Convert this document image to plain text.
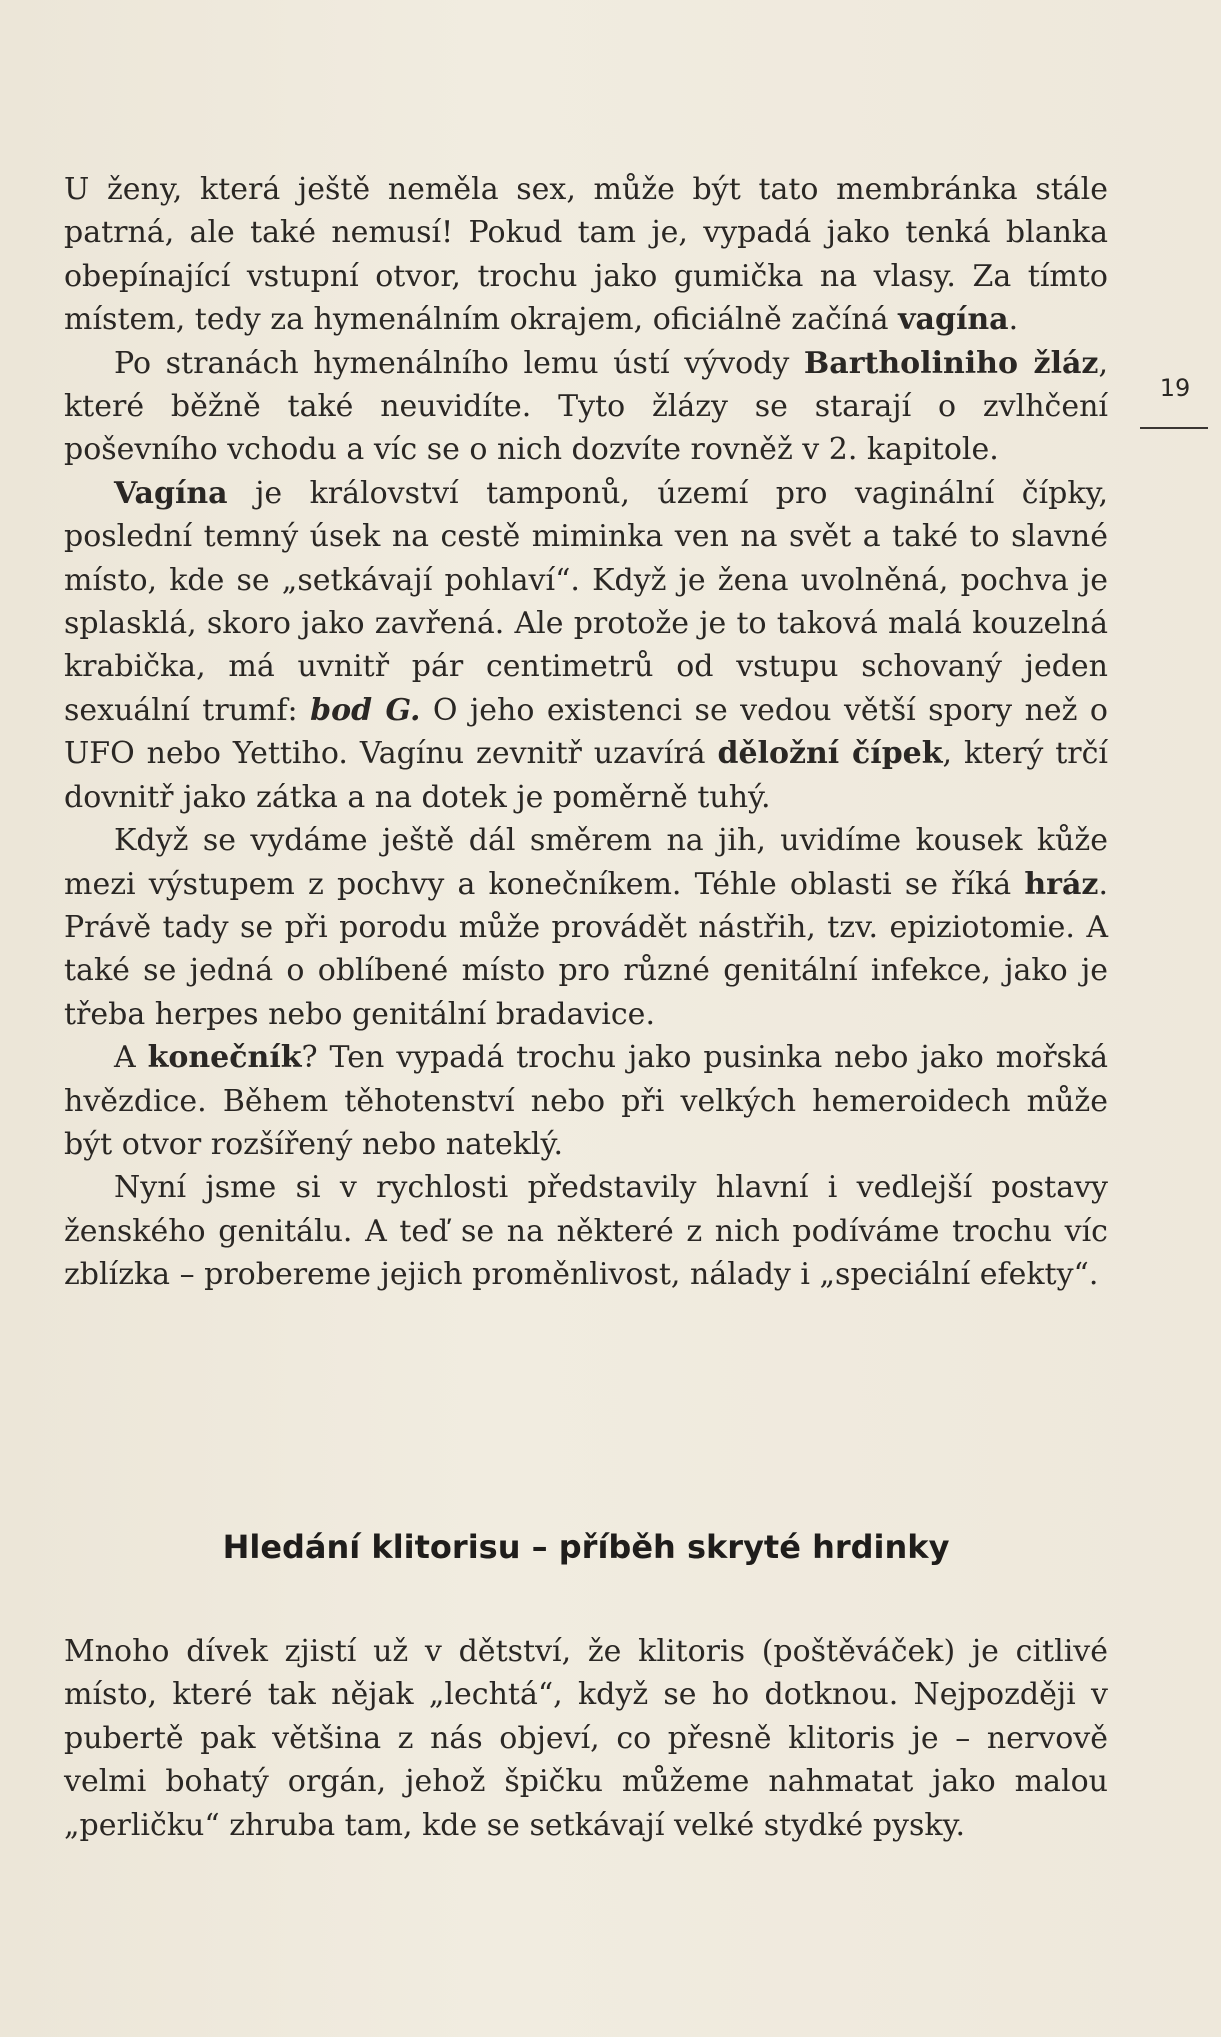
U ženy, která ještě neměla sex, může být tato membránka stále patrná, ale také nemusí! Pokud tam je, vypadá jako tenká blanka obepínající vstupní otvor, trochu jako gumička na vlasy. Za tímto místem, tedy za hymenálním okrajem, oficiálně začíná vagína.

Po stranách hymenálního lemu ústí vývody Bartholiniho žláz, které běžně také neuvidíte. Tyto žlázy se starají o zvlhčení poševního vchodu a víc se o nich dozvíte rovněž v 2. kapitole.

Vagína je království tamponů, území pro vaginální čípky, poslední temný úsek na cestě miminka ven na svět a také to slavné místo, kde se „setkávají pohlaví“. Když je žena uvolněná, pochva je splasklá, skoro jako zavřená. Ale protože je to taková malá kouzelná krabička, má uvnitř pár centimetrů od vstupu schovaný jeden sexuální trumf: bod G. O jeho existenci se vedou větší spory než o UFO nebo Yettiho. Vagínu zevnitř uzavírá děložní čípek, který trčí dovnitř jako zátka a na dotek je poměrně tuhý.

Když se vydáme ještě dál směrem na jih, uvidíme kousek kůže mezi výstupem z pochvy a konečníkem. Téhle oblasti se říká hráz. Právě tady se při porodu může provádět nástřih, tzv. epiziotomie. A také se jedná o oblíbené místo pro různé genitální infekce, jako je třeba herpes nebo genitální bradavice.

A konečník? Ten vypadá trochu jako pusinka nebo jako mořská hvězdice. Během těhotenství nebo při velkých hemeroidech může být otvor rozšířený nebo nateklý.

Nyní jsme si v rychlosti představily hlavní i vedlejší postavy ženského genitálu. A teď se na některé z nich podíváme trochu víc zblízka – probereme jejich proměnlivost, nálady i „speciální efekty“.

19
Hledání klitorisu – příběh skryté hrdinky

Mnoho dívek zjistí už v dětství, že klitoris (poštěváček) je citlivé místo, které tak nějak „lechtá“, když se ho dotknou. Nejpozději v pubertě pak většina z nás objeví, co přesně klitoris je – nervově velmi bohatý orgán, jehož špičku můžeme nahmatat jako malou „perličku“ zhruba tam, kde se setkávají velké stydké pysky.
